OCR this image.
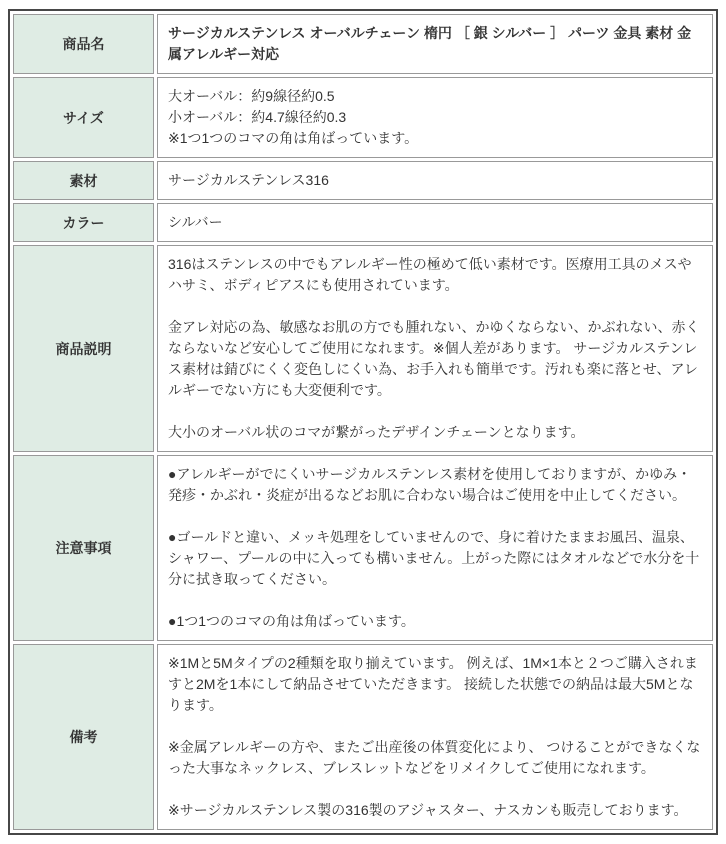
商品名	サージカルステンレス オーバルチェーン 楕円 ［ 銀 シルバー ］ パーツ 金具 素材 金属アレルギー対応

サイズ	大オーバル：約9線径約0.5

小オーバル：約4.7線径約0.3

※1つ1つのコマの角は角ばっています。

素材	サージカルステンレス316

カラー	シルバー

商品説明	316はステンレスの中でもアレルギー性の極めて低い素材です。医療用工具のメスやハサミ、ボディピアスにも使用されています。

金アレ対応の為、敏感なお肌の方でも腫れない、かゆくならない、かぶれない、赤くならないなど安心してご使用になれます。※個人差があります。 サージカルステンレス素材は錆びにくく変色しにくい為、お手入れも簡単です。汚れも楽に落とせ、アレルギーでない方にも大変便利です。

大小のオーバル状のコマが繋がったデザインチェーンとなります。

注意事項	●アレルギーがでにくいサージカルステンレス素材を使用しておりますが、かゆみ・発疹・かぶれ・炎症が出るなどお肌に合わない場合はご使用を中止してください。

●ゴールドと違い、メッキ処理をしていませんので、身に着けたままお風呂、温泉、シャワー、プールの中に入っても構いません。上がった際にはタオルなどで水分を十分に拭き取ってください。

●1つ1つのコマの角は角ばっています。

備考	※1Mと5Mタイプの2種類を取り揃えています。 例えば、1M×1本と２つご購入されますと2Mを1本にして納品させていただきます。 接続した状態での納品は最大5Mとなります。

※金属アレルギーの方や、またご出産後の体質変化により、 つけることができなくなった大事なネックレス、ブレスレットなどをリメイクしてご使用になれます。

※サージカルステンレス製の316製のアジャスター、ナスカンも販売しております。
